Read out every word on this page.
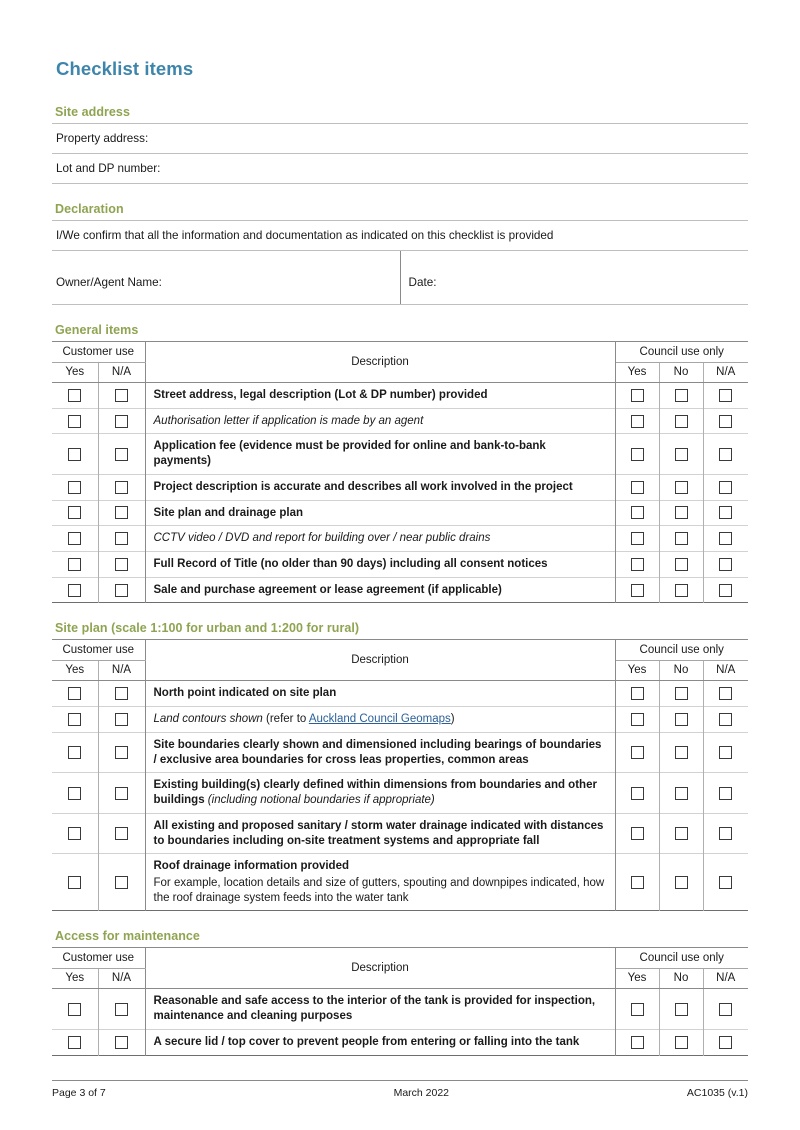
Checklist items
Site address
Property address:
Lot and DP number:
Declaration
I/We confirm that all the information and documentation as indicated on this checklist is provided
Owner/Agent Name:	Date:
General items
Customer use		Description	Council use only		
Yes	N/A		Yes	No	N/A
		Street address, legal description (Lot & DP number) provided			
		Authorisation letter if application is made by an agent			
		Application fee (evidence must be provided for online and bank-to-bank payments)			
		Project description is accurate and describes all work involved in the project			
		Site plan and drainage plan			
		CCTV video / DVD and report for building over / near public drains			
		Full Record of Title (no older than 90 days) including all consent notices			
		Sale and purchase agreement or lease agreement (if applicable)			
Site plan (scale 1:100 for urban and 1:200 for rural)
Customer use		Description	Council use only		
Yes	N/A		Yes	No	N/A
		North point indicated on site plan			
		Land contours shown (refer to Auckland Council Geomaps)			
		Site boundaries clearly shown and dimensioned including bearings of boundaries / exclusive area boundaries for cross leas properties, common areas			
		Existing building(s) clearly defined within dimensions from boundaries and other buildings (including notional boundaries if appropriate)			
		All existing and proposed sanitary / storm water drainage indicated with distances to boundaries including on-site treatment systems and appropriate fall			
		Roof drainage information provided
For example, location details and size of gutters, spouting and downpipes indicated, how the roof drainage system feeds into the water tank			

Access for maintenance
Customer use		Description	Council use only		
Yes	N/A		Yes	No	N/A
		Reasonable and safe access to the interior of the tank is provided for inspection, maintenance and cleaning purposes			
		A secure lid / top cover to prevent people from entering or falling into the tank			
Page 3 of 7	March 2022	AC1035 (v.1)
